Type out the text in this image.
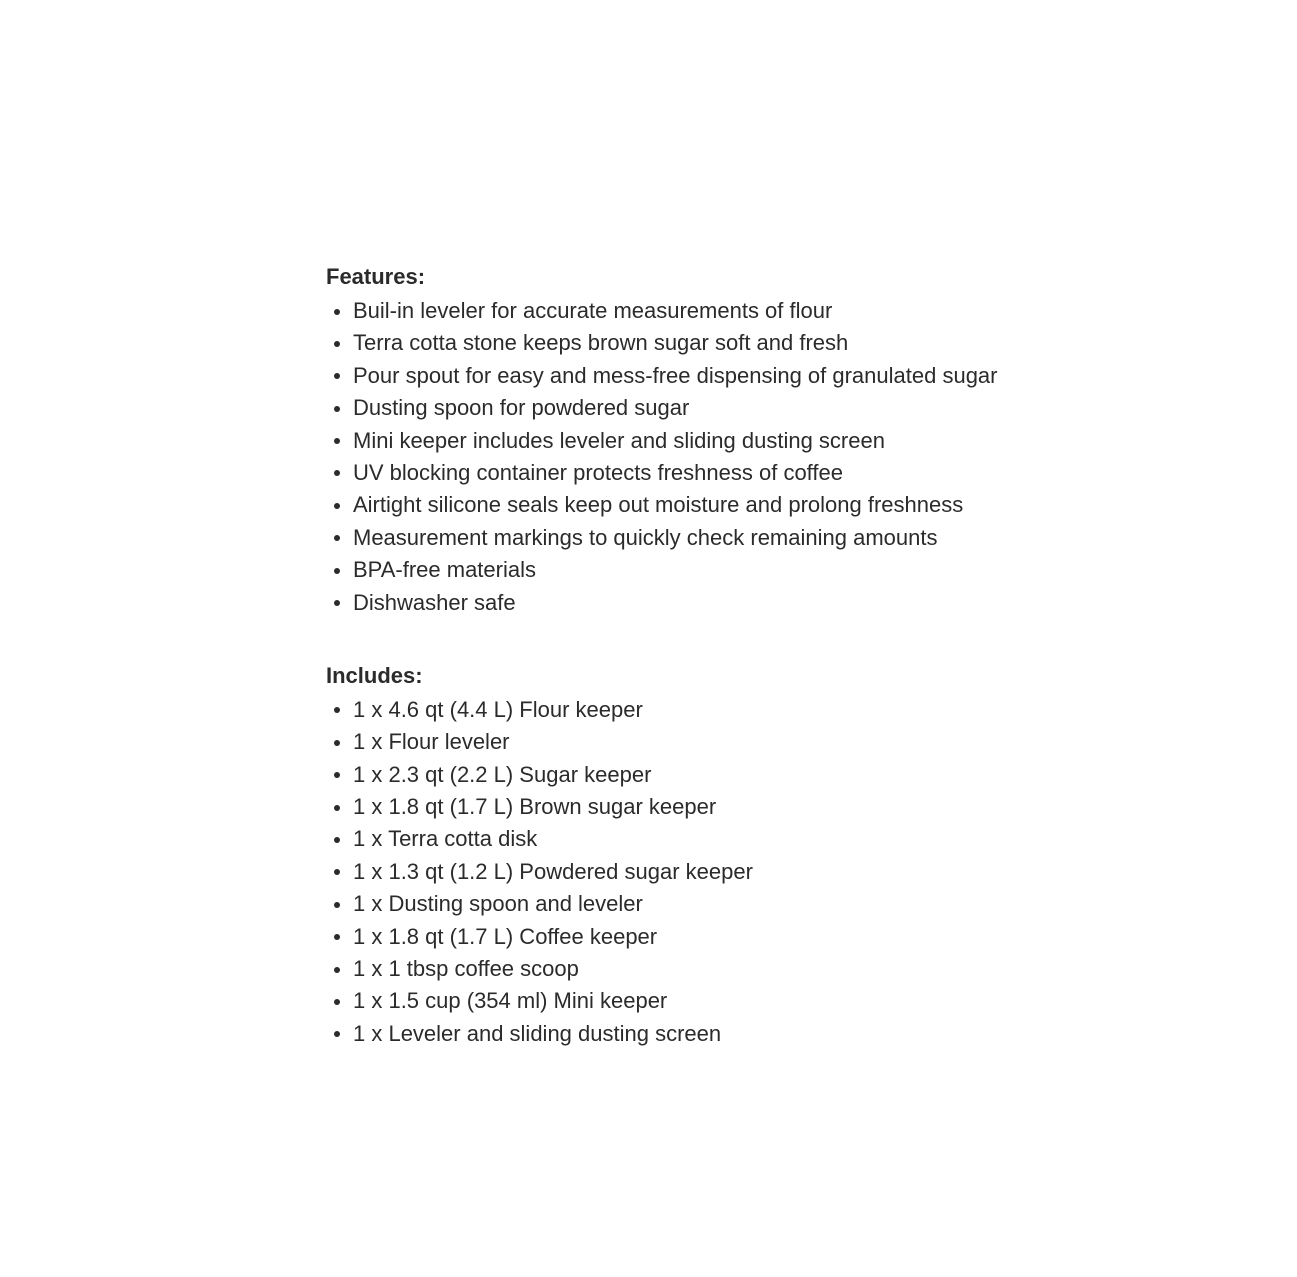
Features:
Buil-in leveler for accurate measurements of flour
Terra cotta stone keeps brown sugar soft and fresh
Pour spout for easy and mess-free dispensing of granulated sugar
Dusting spoon for powdered sugar
Mini keeper includes leveler and sliding dusting screen
UV blocking container protects freshness of coffee
Airtight silicone seals keep out moisture and prolong freshness
Measurement markings to quickly check remaining amounts
BPA-free materials
Dishwasher safe
Includes:
1 x 4.6 qt (4.4 L) Flour keeper
1 x Flour leveler
1 x 2.3 qt (2.2 L) Sugar keeper
1 x 1.8 qt (1.7 L) Brown sugar keeper
1 x Terra cotta disk
1 x 1.3 qt (1.2 L) Powdered sugar keeper
1 x Dusting spoon and leveler
1 x 1.8 qt (1.7 L) Coffee keeper
1 x 1 tbsp coffee scoop
1 x 1.5 cup (354 ml) Mini keeper
1 x Leveler and sliding dusting screen
